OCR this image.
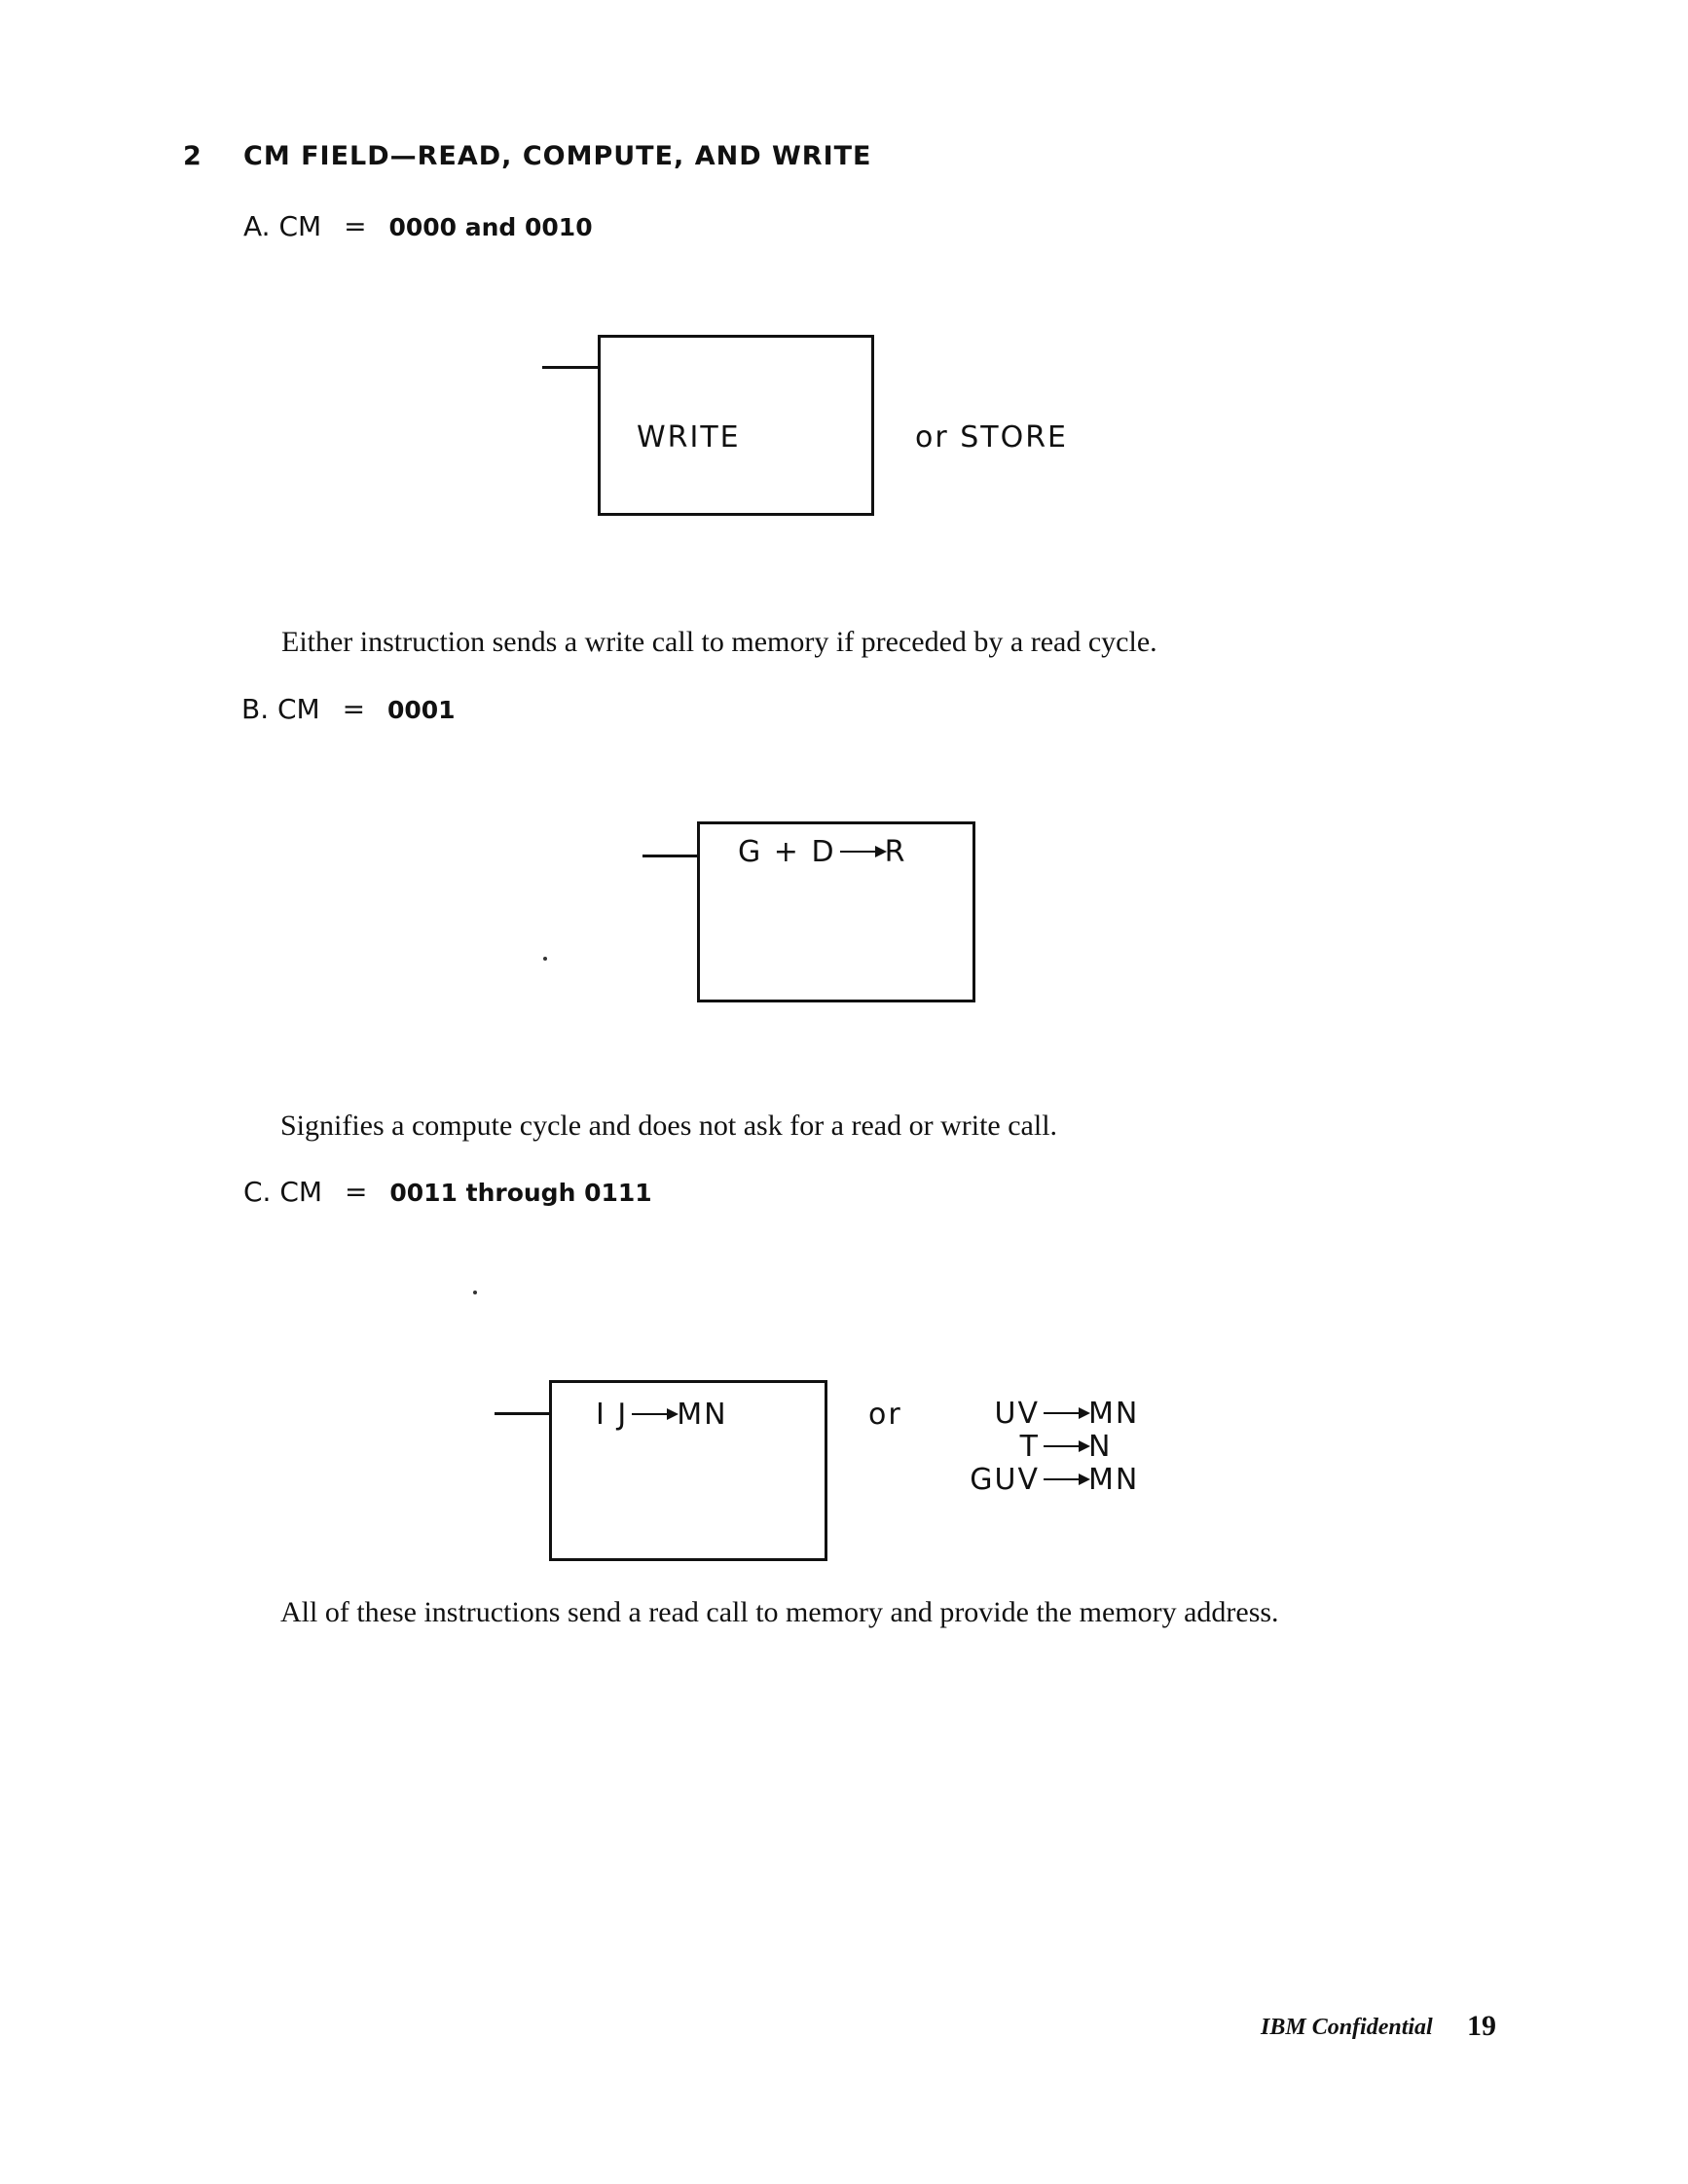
2 CM FIELD—READ, COMPUTE, AND WRITE
A. CM = 0000 and 0010
WRITE	or STORE
Either instruction sends a write call to memory if preceded by a read cycle.
B. CM = 0001
G + D R
Signifies a compute cycle and does not ask for a read or write call.
C. CM = 0011 through 0111
I J MN	or	UV MN
T N
GUV MN
All of these instructions send a read call to memory and provide the memory address.
IBM Confidential 19
